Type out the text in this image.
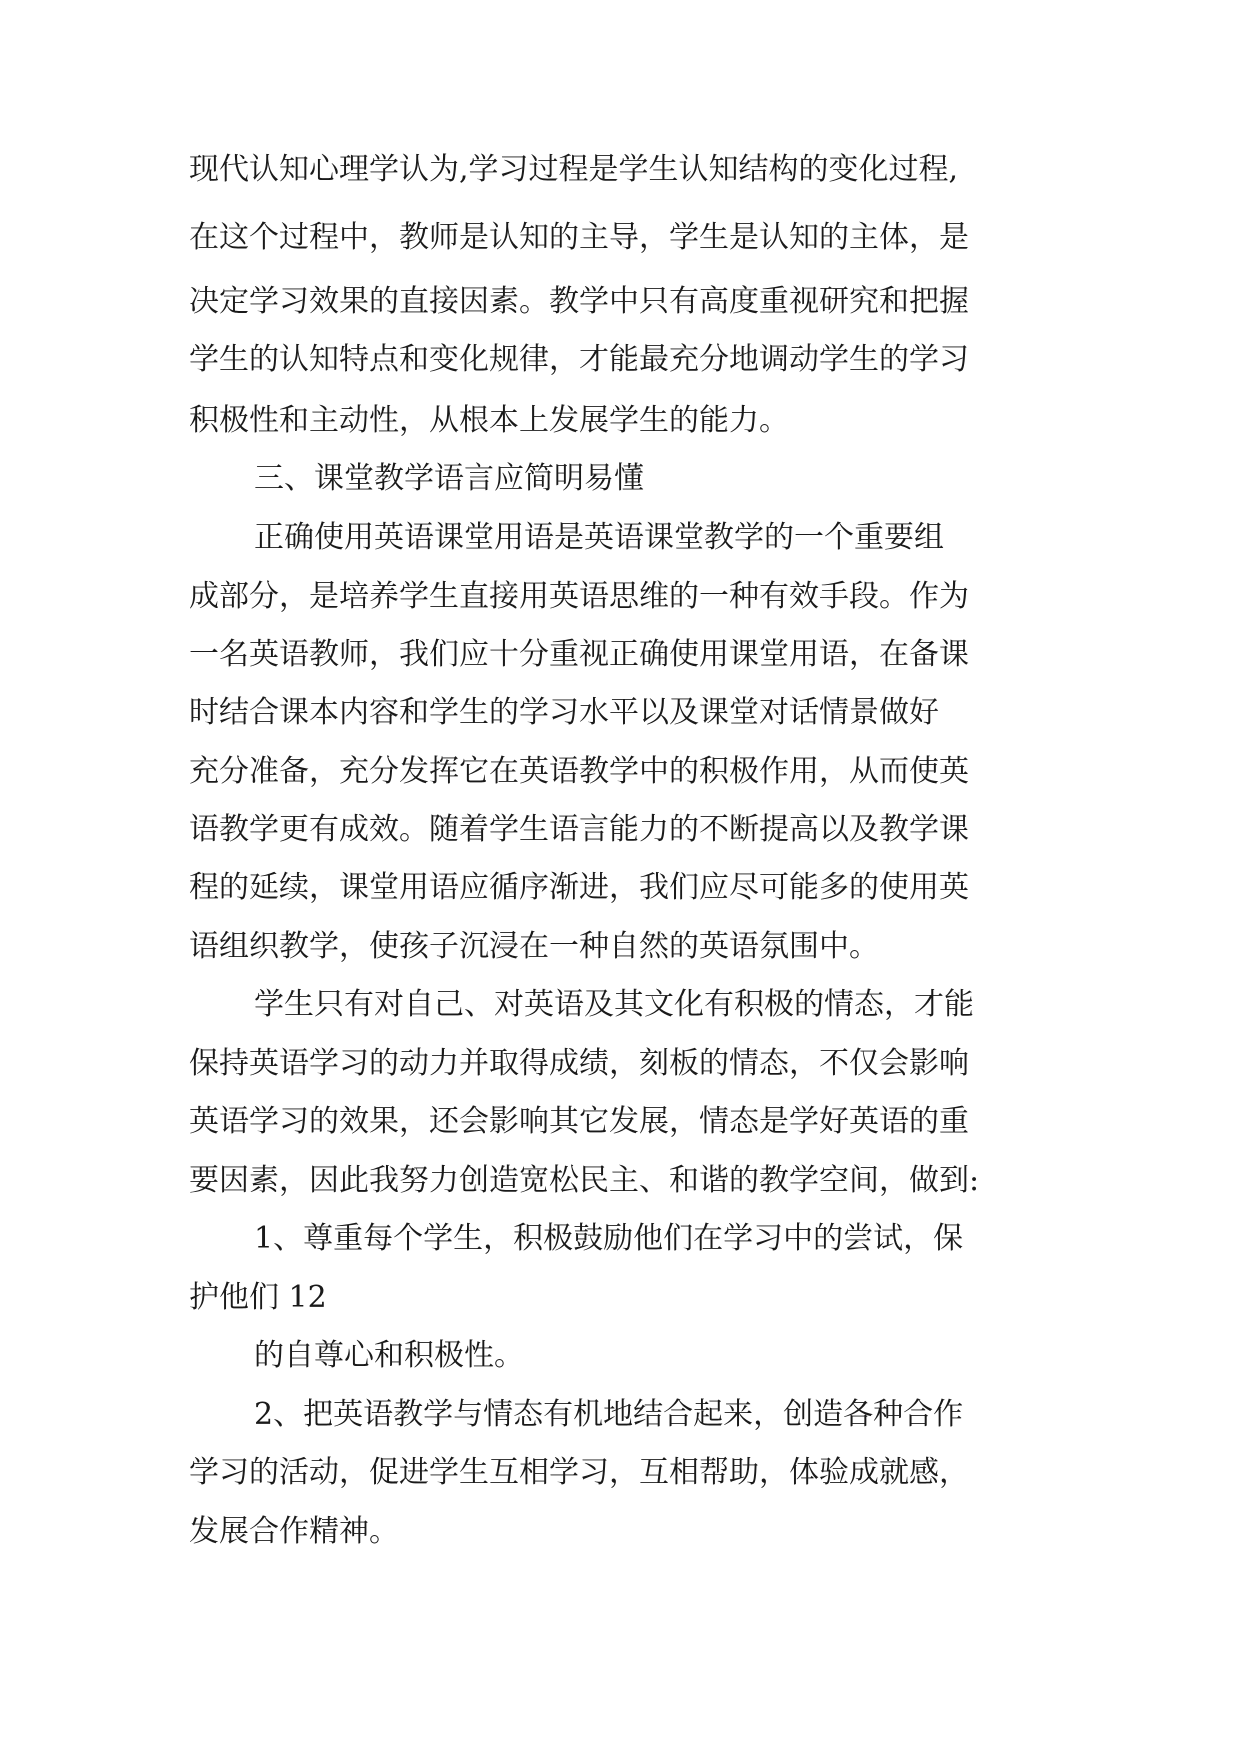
现代认知心理学认为,学习过程是学生认知结构的变化过程,
在这个过程中，教师是认知的主导，学生是认知的主体，是
决定学习效果的直接因素。教学中只有高度重视研究和把握
学生的认知特点和变化规律，才能最充分地调动学生的学习
积极性和主动性，从根本上发展学生的能力。
三、课堂教学语言应简明易懂
正确使用英语课堂用语是英语课堂教学的一个重要组
成部分，是培养学生直接用英语思维的一种有效手段。作为
一名英语教师，我们应十分重视正确使用课堂用语，在备课
时结合课本内容和学生的学习水平以及课堂对话情景做好
充分准备，充分发挥它在英语教学中的积极作用，从而使英
语教学更有成效。随着学生语言能力的不断提高以及教学课
程的延续，课堂用语应循序渐进，我们应尽可能多的使用英
语组织教学，使孩子沉浸在一种自然的英语氛围中。
学生只有对自己、对英语及其文化有积极的情态，才能
保持英语学习的动力并取得成绩，刻板的情态，不仅会影响
英语学习的效果，还会影响其它发展，情态是学好英语的重
要因素，因此我努力创造宽松民主、和谐的教学空间，做到:
1、尊重每个学生，积极鼓励他们在学习中的尝试，保
护他们 12
的自尊心和积极性。
2、把英语教学与情态有机地结合起来，创造各种合作
学习的活动，促进学生互相学习，互相帮助，体验成就感，
发展合作精神。
